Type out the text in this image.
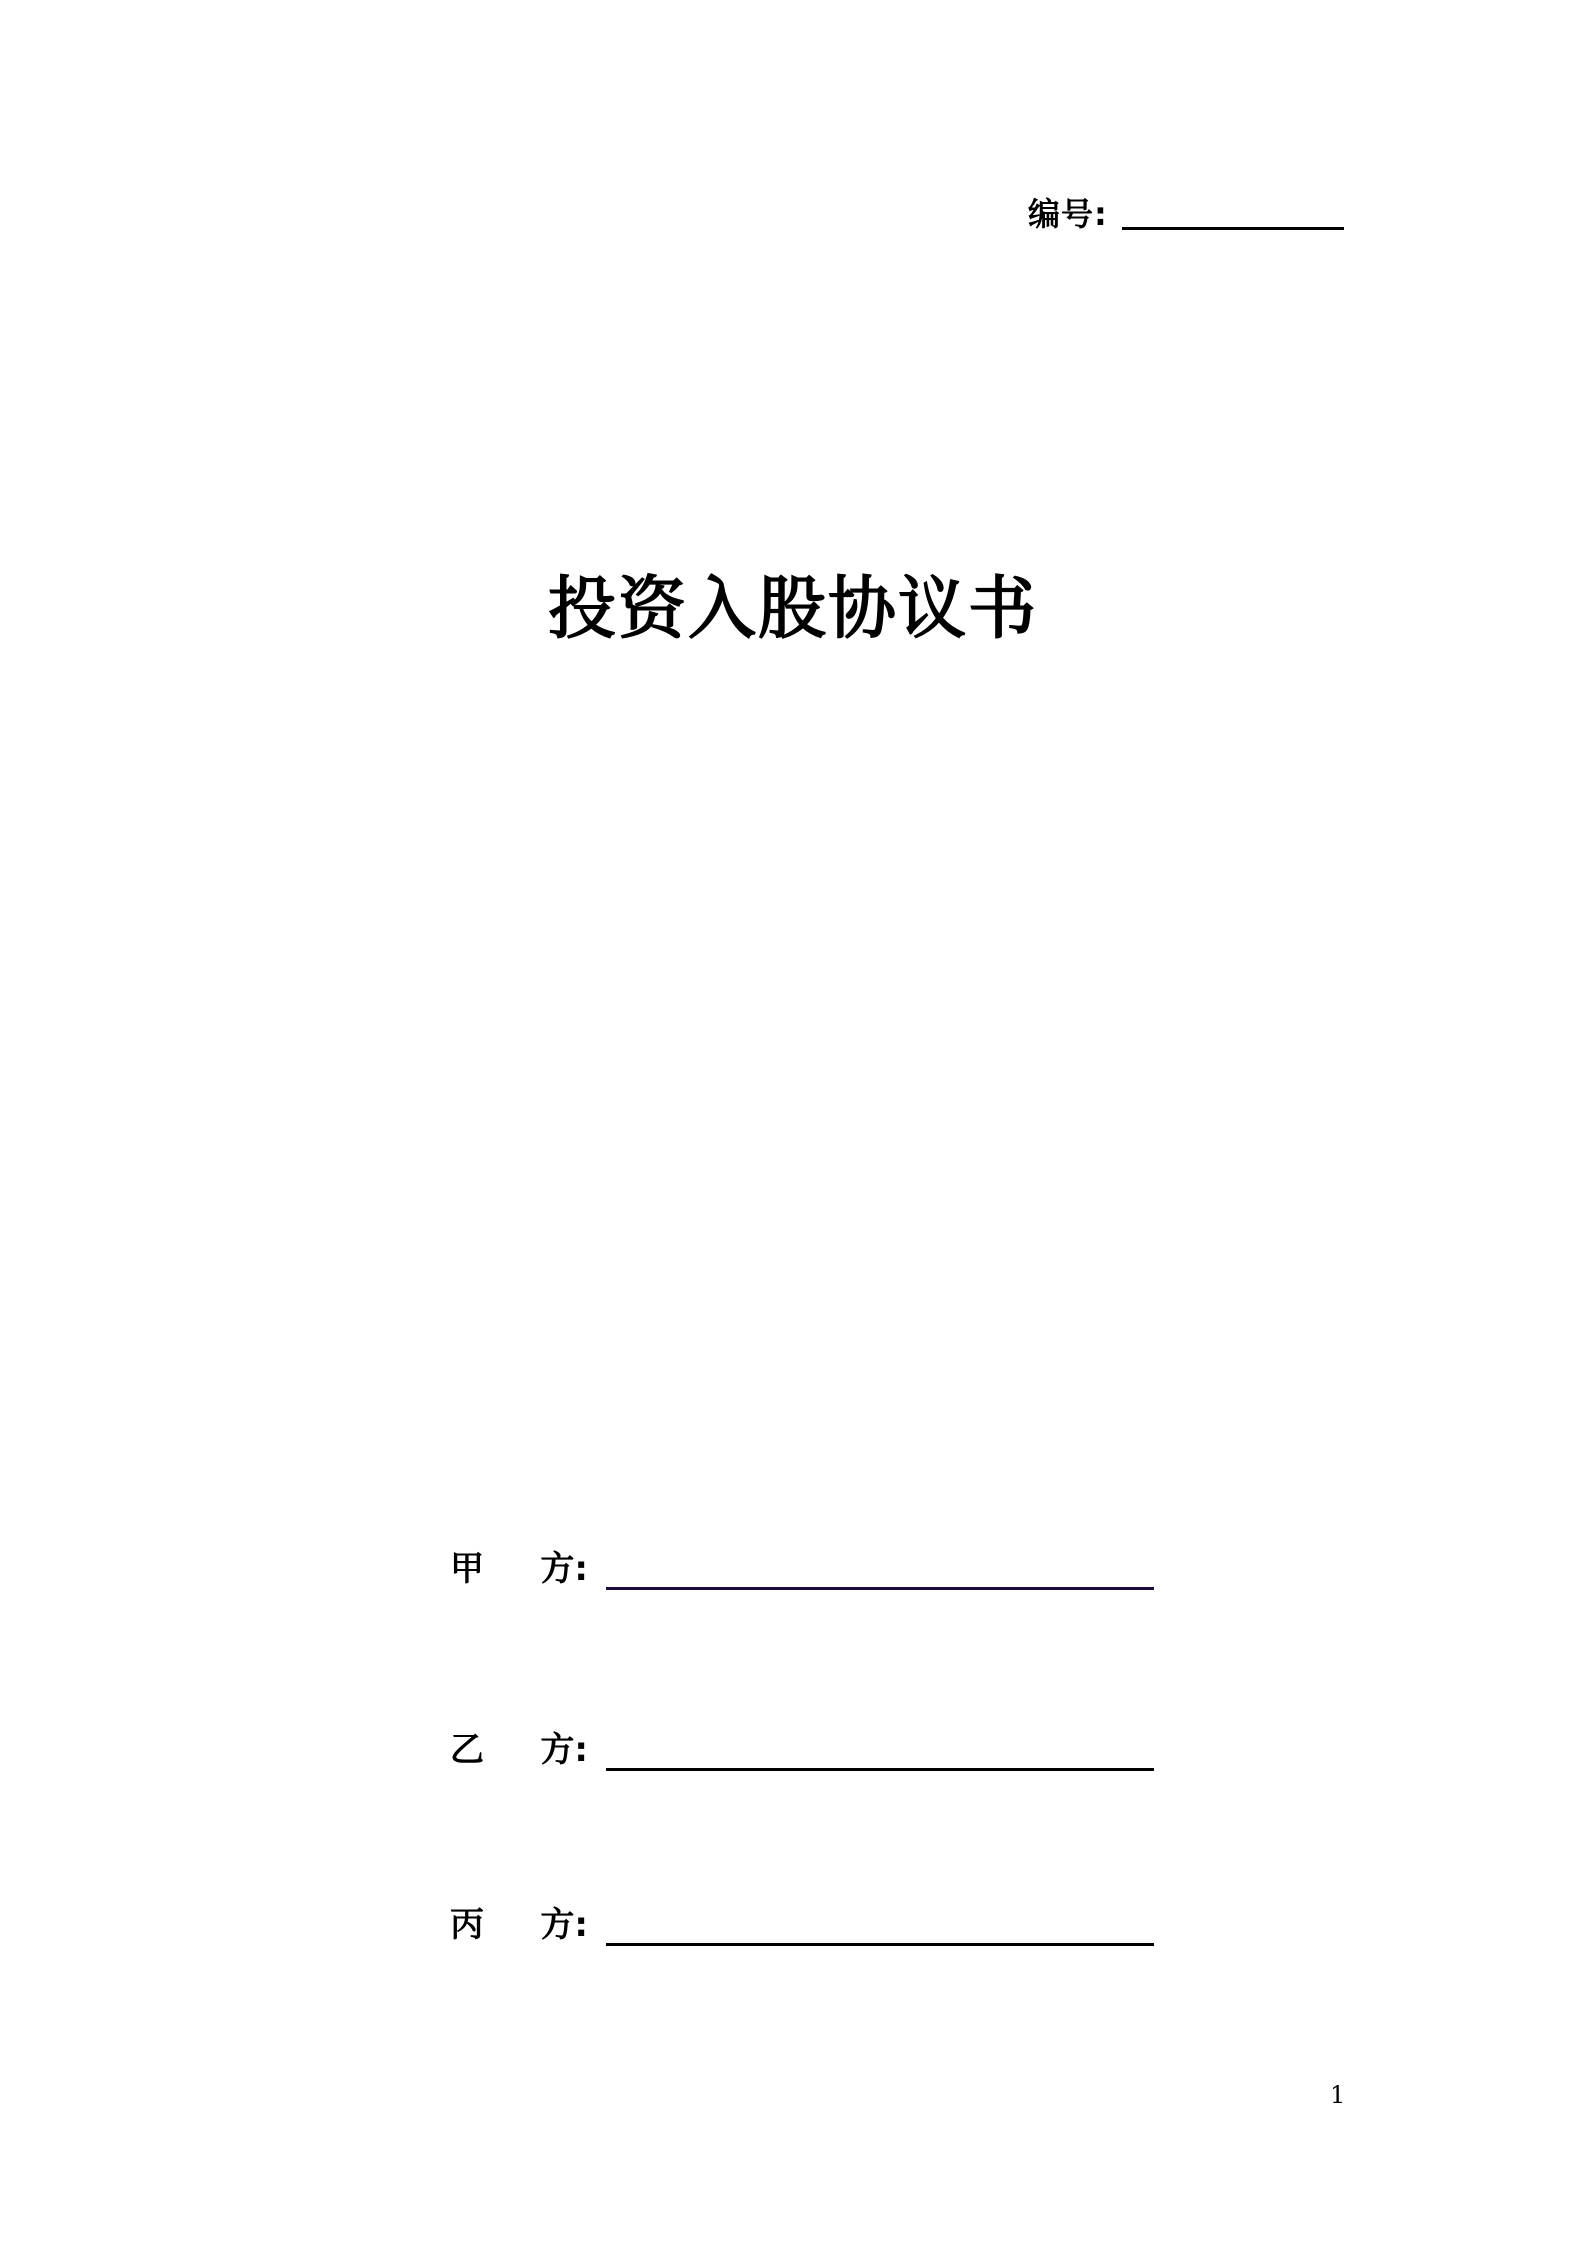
编号:
投资入股协议书
甲 方:
乙 方:
丙 方:
1
